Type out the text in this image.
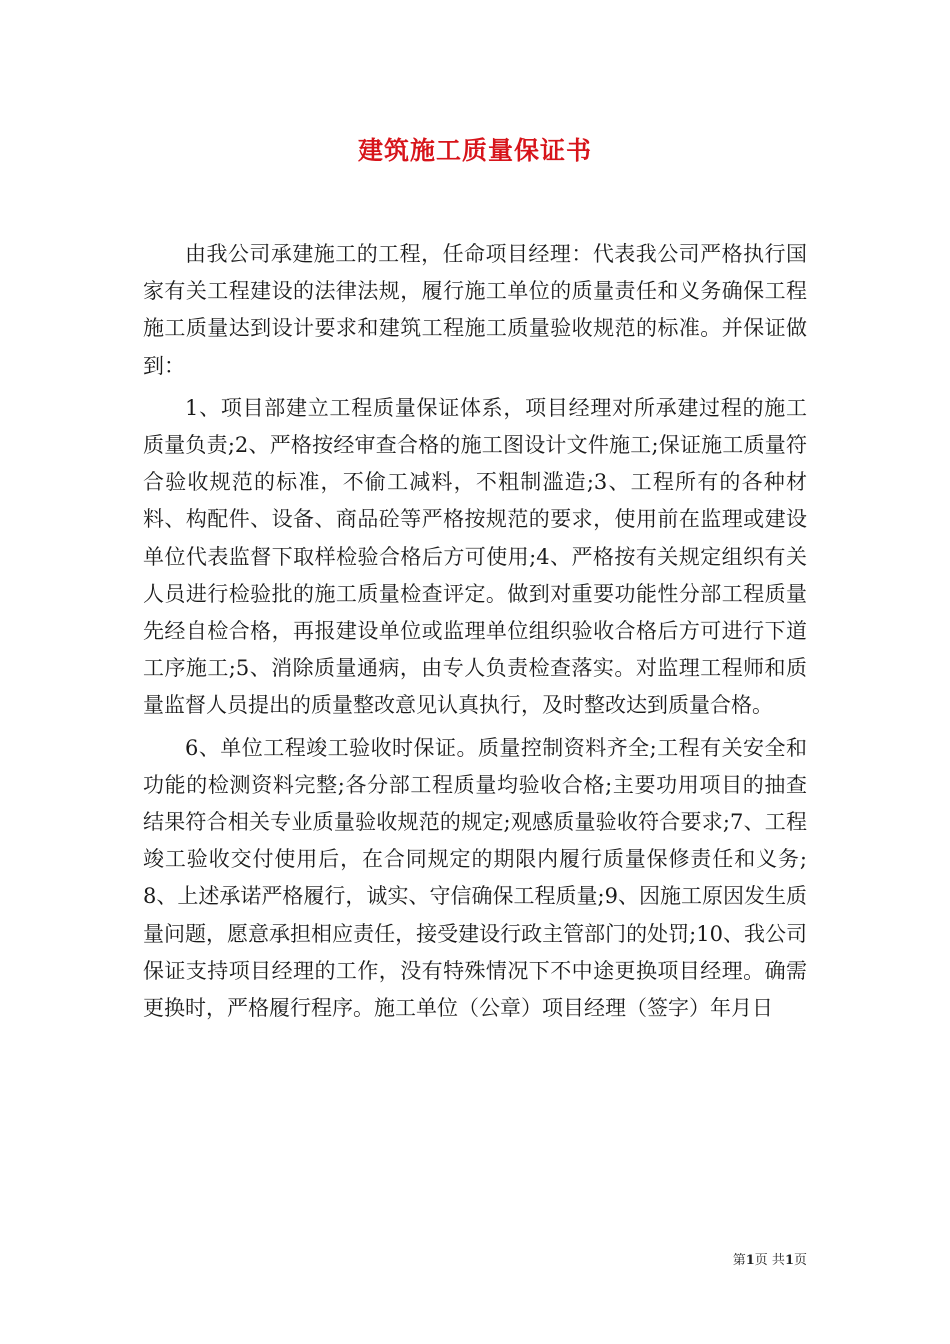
建筑施工质量保证书

由我公司承建施工的工程，任命项目经理：代表我公司严格执行国家有关工程建设的法律法规，履行施工单位的质量责任和义务确保工程施工质量达到设计要求和建筑工程施工质量验收规范的标准。并保证做到：

1、项目部建立工程质量保证体系，项目经理对所承建过程的施工质量负责;2、严格按经审查合格的施工图设计文件施工;保证施工质量符合验收规范的标准，不偷工减料，不粗制滥造;3、工程所有的各种材料、构配件、设备、商品砼等严格按规范的要求，使用前在监理或建设单位代表监督下取样检验合格后方可使用;4、严格按有关规定组织有关人员进行检验批的施工质量检查评定。做到对重要功能性分部工程质量先经自检合格，再报建设单位或监理单位组织验收合格后方可进行下道工序施工;5、消除质量通病，由专人负责检查落实。对监理工程师和质量监督人员提出的质量整改意见认真执行，及时整改达到质量合格。

6、单位工程竣工验收时保证。质量控制资料齐全;工程有关安全和功能的检测资料完整;各分部工程质量均验收合格;主要功用项目的抽查结果符合相关专业质量验收规范的规定;观感质量验收符合要求;7、工程竣工验收交付使用后，在合同规定的期限内履行质量保修责任和义务;8、上述承诺严格履行，诚实、守信确保工程质量;9、因施工原因发生质量问题，愿意承担相应责任，接受建设行政主管部门的处罚;10、我公司保证支持项目经理的工作，没有特殊情况下不中途更换项目经理。确需更换时，严格履行程序。施工单位（公章）项目经理（签字）年月日

第1页 共1页
